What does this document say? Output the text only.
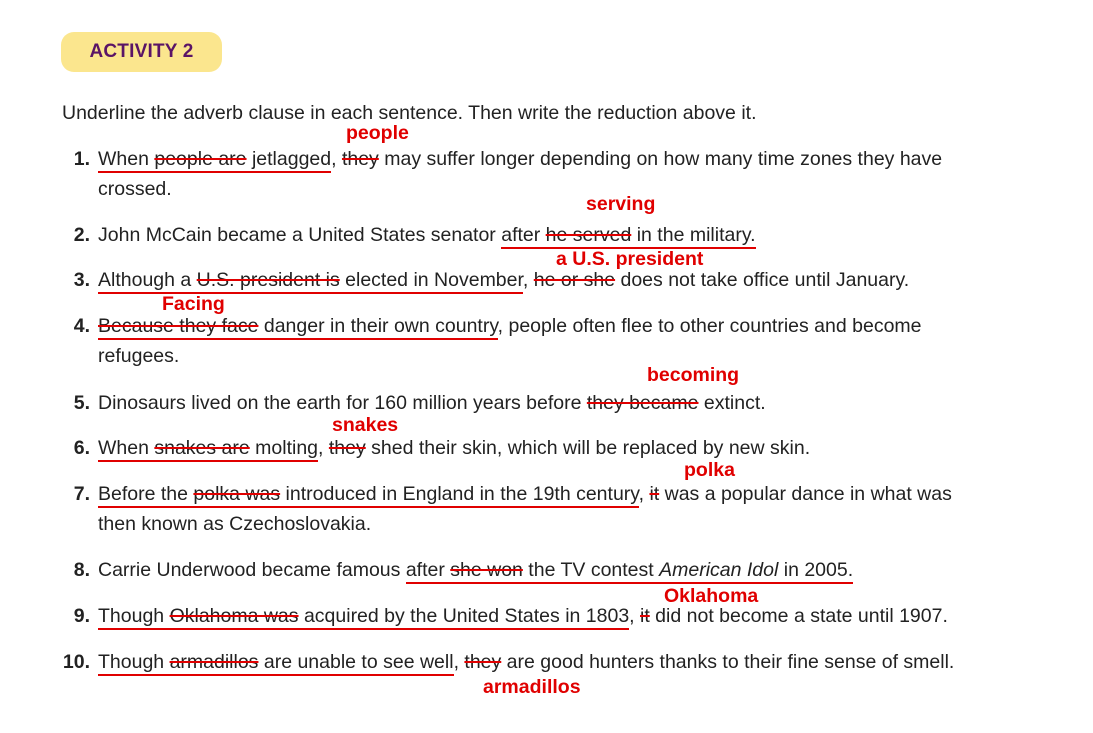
ACTIVITY 2
Underline the adverb clause in each sentence. Then write the reduction above it.
people
1. When people are jetlagged, they may suffer longer depending on how many time zones they have
crossed.
serving
2. John McCain became a United States senator after he served in the military.
a U.S. president
3. Although a U.S. president is elected in November, he or she does not take office until January.
Facing
4. Because they face danger in their own country, people often flee to other countries and become
refugees.
becoming
5. Dinosaurs lived on the earth for 160 million years before they became extinct.
snakes
6. When snakes are molting, they shed their skin, which will be replaced by new skin.
polka
7. Before the polka was introduced in England in the 19th century, it was a popular dance in what was
then known as Czechoslovakia.
8. Carrie Underwood became famous after she won the TV contest American Idol in 2005.
Oklahoma
9. Though Oklahoma was acquired by the United States in 1803, it did not become a state until 1907.
10. Though armadillos are unable to see well, they are good hunters thanks to their fine sense of smell.
armadillos
